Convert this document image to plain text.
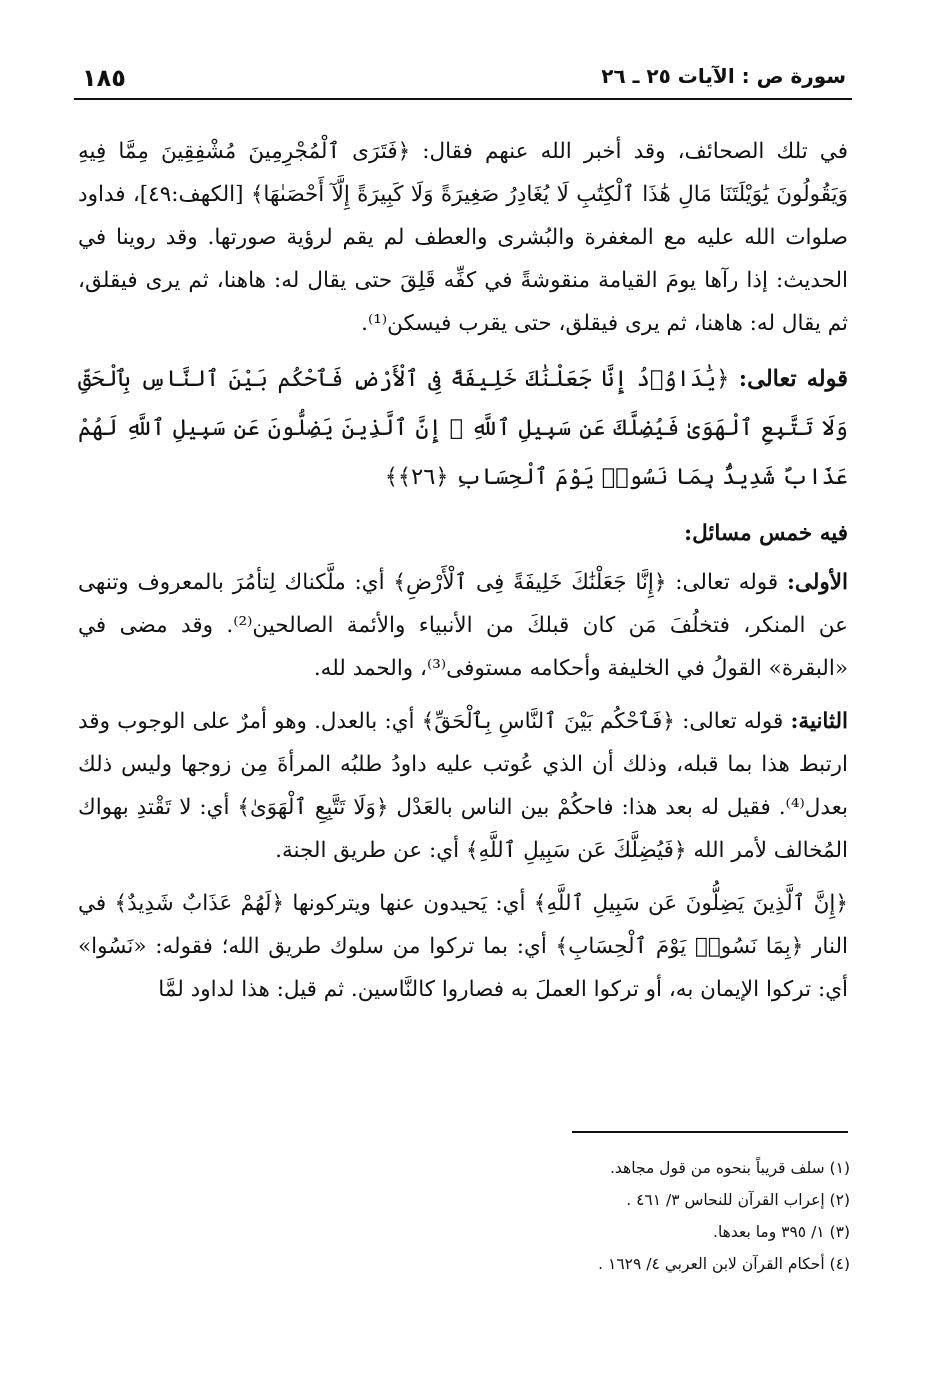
١٨٥	سورة ص : الآيات ٢٥ ـ ٢٦

في تلك الصحائف، وقد أخبر الله عنهم فقال: ﴿فَتَرَى ٱلْمُجْرِمِينَ مُشْفِقِينَ مِمَّا فِيهِ وَيَقُولُونَ يَٰوَيْلَتَنَا مَالِ هَٰذَا ٱلْكِتَٰبِ لَا يُغَادِرُ صَغِيرَةً وَلَا كَبِيرَةً إِلَّآ أَحْصَىٰهَا﴾ [الكهف:٤٩]، فداود صلوات الله عليه مع المغفرة والبُشرى والعطف لم يقم لرؤية صورتها. وقد روينا في الحديث: إذا رآها يومَ القيامة منقوشةً في كفِّه قَلِقَ حتى يقال له: هاهنا، ثم يرى فيقلق، ثم يقال له: هاهنا، ثم يرى فيقلق، حتى يقرب فيسكن⁽¹⁾.

قوله تعالى: ﴿يَٰدَاوُۥدُ إِنَّا جَعَلْنَٰكَ خَلِيفَةً فِى ٱلْأَرْضِ فَٱحْكُم بَيْنَ ٱلنَّاسِ بِٱلْحَقِّ وَلَا تَتَّبِعِ ٱلْهَوَىٰ فَيُضِلَّكَ عَن سَبِيلِ ٱللَّهِ ۚ إِنَّ ٱلَّذِينَ يَضِلُّونَ عَن سَبِيلِ ٱللَّهِ لَهُمْ عَذَابٌ شَدِيدٌۢ بِمَا نَسُوا۟ يَوْمَ ٱلْحِسَابِ ﴿٢٦﴾﴾

فيه خمس مسائل:

الأولى: قوله تعالى: ﴿إِنَّا جَعَلْنَٰكَ خَلِيفَةً فِى ٱلْأَرْضِ﴾ أي: ملَّكناك لِتأمُرَ بالمعروف وتنهى عن المنكر، فتخلُفَ مَن كان قبلكَ من الأنبياء والأئمة الصالحين⁽²⁾. وقد مضى في «البقرة» القولُ في الخليفة وأحكامه مستوفى⁽³⁾، والحمد لله.

الثانية: قوله تعالى: ﴿فَٱحْكُم بَيْنَ ٱلنَّاسِ بِٱلْحَقِّ﴾ أي: بالعدل. وهو أمرٌ على الوجوب وقد ارتبط هذا بما قبله، وذلك أن الذي عُوتب عليه داودُ طلبُه المرأةَ مِن زوجها وليس ذلك بعدل⁽⁴⁾. فقيل له بعد هذا: فاحكُمْ بين الناس بالعَدْل ﴿وَلَا تَتَّبِعِ ٱلْهَوَىٰ﴾ أي: لا تَقْتدِ بهواك المُخالف لأمر الله ﴿فَيُضِلَّكَ عَن سَبِيلِ ٱللَّهِ﴾ أي: عن طريق الجنة.

﴿إِنَّ ٱلَّذِينَ يَضِلُّونَ عَن سَبِيلِ ٱللَّهِ﴾ أي: يَحيدون عنها ويتركونها ﴿لَهُمْ عَذَابٌ شَدِيدٌ﴾ في النار ﴿بِمَا نَسُوا۟ يَوْمَ ٱلْحِسَابِ﴾ أي: بما تركوا من سلوك طريق الله؛ فقوله: «نَسُوا» أي: تركوا الإيمان به، أو تركوا العملَ به فصاروا كالنَّاسين. ثم قيل: هذا لداود لمَّا

(١) سلف قريباً بنحوه من قول مجاهد.
(٢) إعراب القرآن للنحاس ٣/ ٤٦١ .
(٣) ١/ ٣٩٥ وما بعدها.
(٤) أحكام القرآن لابن العربي ٤/ ١٦٢٩ .
